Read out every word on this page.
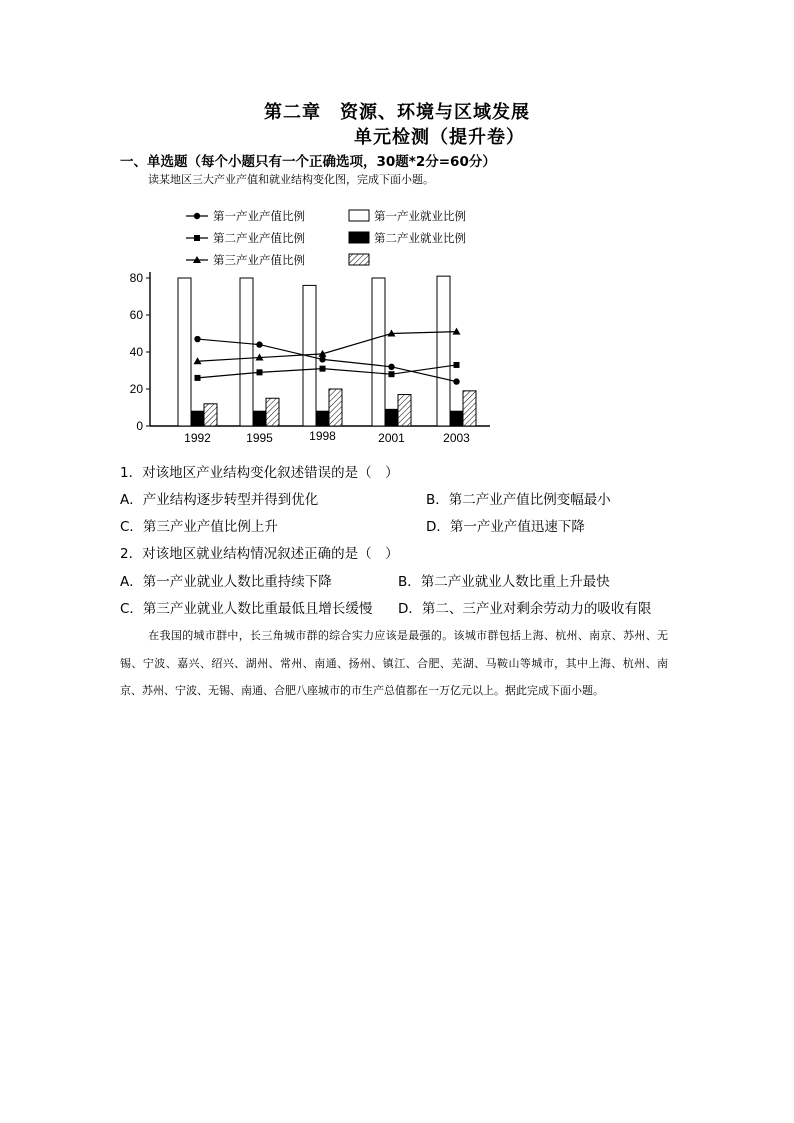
第二章　资源、环境与区域发展
单元检测（提升卷）
一、单选题（每个小题只有一个正确选项，30题*2分=60分）
读某地区三大产业产值和就业结构变化图，完成下面小题。
第一产业产值比例
第二产业产值比例
第三产业产值比例
第一产业就业比例
第二产业就业比例
0
20
40
60
80
1992	1995	1998	2001	2003
1．对该地区产业结构变化叙述错误的是（　）
A．产业结构逐步转型并得到优化	B．第二产业产值比例变幅最小
C．第三产业产值比例上升	D．第一产业产值迅速下降
2．对该地区就业结构情况叙述正确的是（　）
A．第一产业就业人数比重持续下降	B．第二产业就业人数比重上升最快
C．第三产业就业人数比重最低且增长缓慢 D．第二、三产业对剩余劳动力的吸收有限
在我国的城市群中，长三角城市群的综合实力应该是最强的。该城市群包括上海、杭州、南京、苏州、无锡、宁波、嘉兴、绍兴、湖州、常州、南通、扬州、镇江、合肥、芜湖、马鞍山等城市，其中上海、杭州、南京、苏州、宁波、无锡、南通、合肥八座城市的市生产总值都在一万亿元以上。据此完成下面小题。
